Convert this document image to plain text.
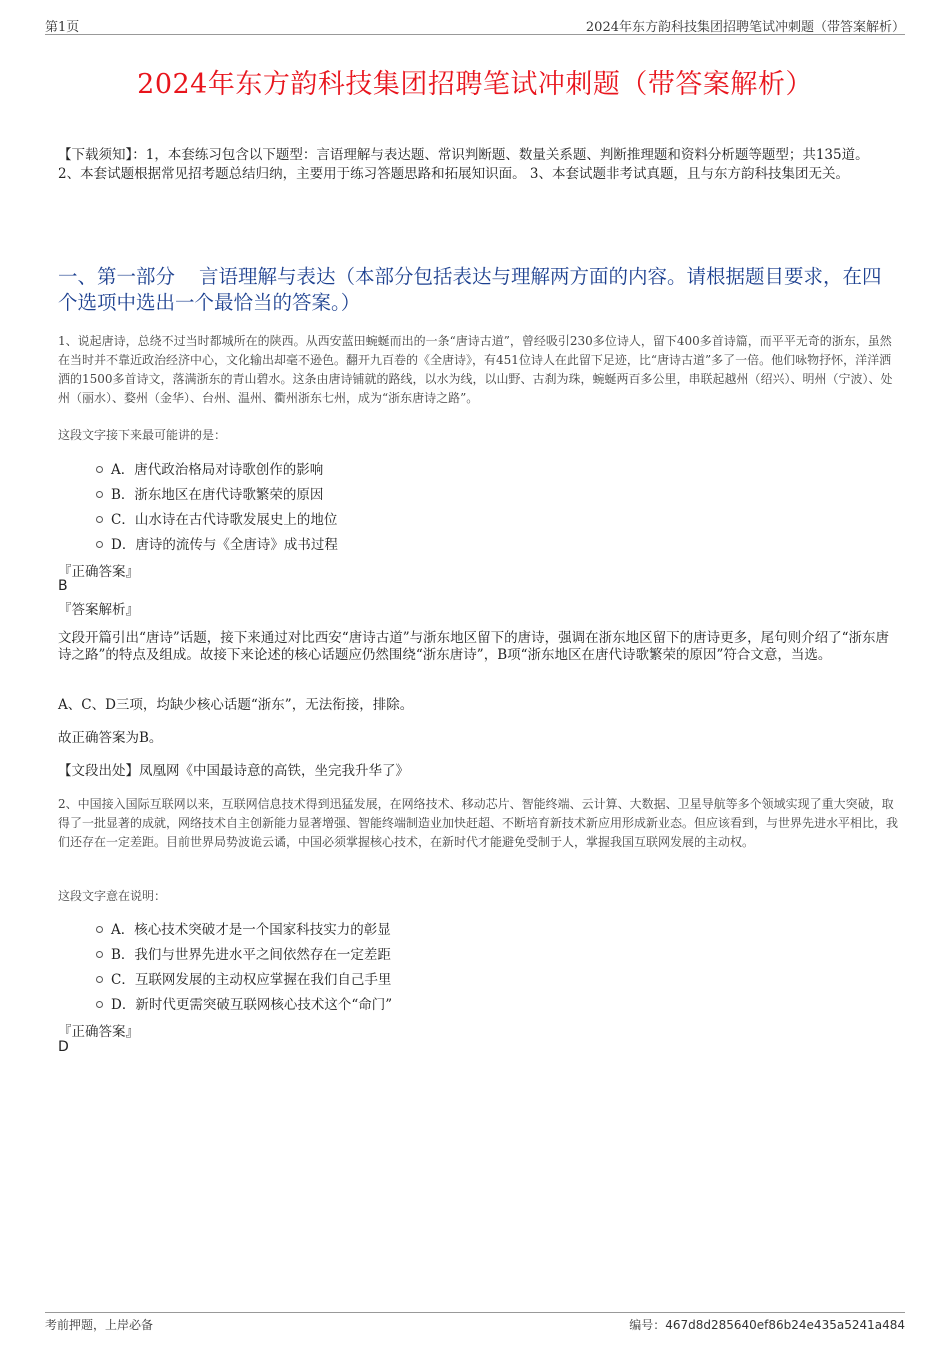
第1页	2024年东方韵科技集团招聘笔试冲刺题（带答案解析）
2024年东方韵科技集团招聘笔试冲刺题（带答案解析）
【下载须知】：1，本套练习包含以下题型：言语理解与表达题、常识判断题、数量关系题、判断推理题和资料分析题等题型；共135道。 2、本套试题根据常见招考题总结归纳，主要用于练习答题思路和拓展知识面。 3、本套试题非考试真题，且与东方韵科技集团无关。
一、第一部分 言语理解与表达（本部分包括表达与理解两方面的内容。请根据题目要求，在四个选项中选出一个最恰当的答案。）
1、说起唐诗，总绕不过当时都城所在的陕西。从西安蓝田蜿蜒而出的一条“唐诗古道”，曾经吸引230多位诗人，留下400多首诗篇，而平平无奇的浙东，虽然在当时并不靠近政治经济中心，文化输出却毫不逊色。翻开九百卷的《全唐诗》，有451位诗人在此留下足迹，比“唐诗古道”多了一倍。他们咏物抒怀，洋洋洒洒的1500多首诗文，落满浙东的青山碧水。这条由唐诗铺就的路线，以水为线，以山野、古刹为珠，蜿蜒两百多公里，串联起越州（绍兴）、明州（宁波）、处州（丽水）、婺州（金华）、台州、温州、衢州浙东七州，成为“浙东唐诗之路”。
这段文字接下来最可能讲的是：
A．唐代政治格局对诗歌创作的影响
B．浙东地区在唐代诗歌繁荣的原因
C．山水诗在古代诗歌发展史上的地位
D．唐诗的流传与《全唐诗》成书过程
『正确答案』
B
『答案解析』
文段开篇引出“唐诗”话题，接下来通过对比西安“唐诗古道”与浙东地区留下的唐诗，强调在浙东地区留下的唐诗更多，尾句则介绍了“浙东唐诗之路”的特点及组成。故接下来论述的核心话题应仍然围绕“浙东唐诗”，B项“浙东地区在唐代诗歌繁荣的原因”符合文意，当选。
A、C、D三项，均缺少核心话题“浙东”，无法衔接，排除。
故正确答案为B。
【文段出处】凤凰网《中国最诗意的高铁，坐完我升华了》
2、中国接入国际互联网以来，互联网信息技术得到迅猛发展，在网络技术、移动芯片、智能终端、云计算、大数据、卫星导航等多个领域实现了重大突破，取得了一批显著的成就，网络技术自主创新能力显著增强、智能终端制造业加快赶超、不断培育新技术新应用形成新业态。但应该看到，与世界先进水平相比，我们还存在一定差距。目前世界局势波诡云谲，中国必须掌握核心技术，在新时代才能避免受制于人，掌握我国互联网发展的主动权。
这段文字意在说明：
A．核心技术突破才是一个国家科技实力的彰显
B．我们与世界先进水平之间依然存在一定差距
C．互联网发展的主动权应掌握在我们自己手里
D．新时代更需突破互联网核心技术这个“命门”
『正确答案』
D
考前押题，上岸必备	编号：467d8d285640ef86b24e435a5241a484
